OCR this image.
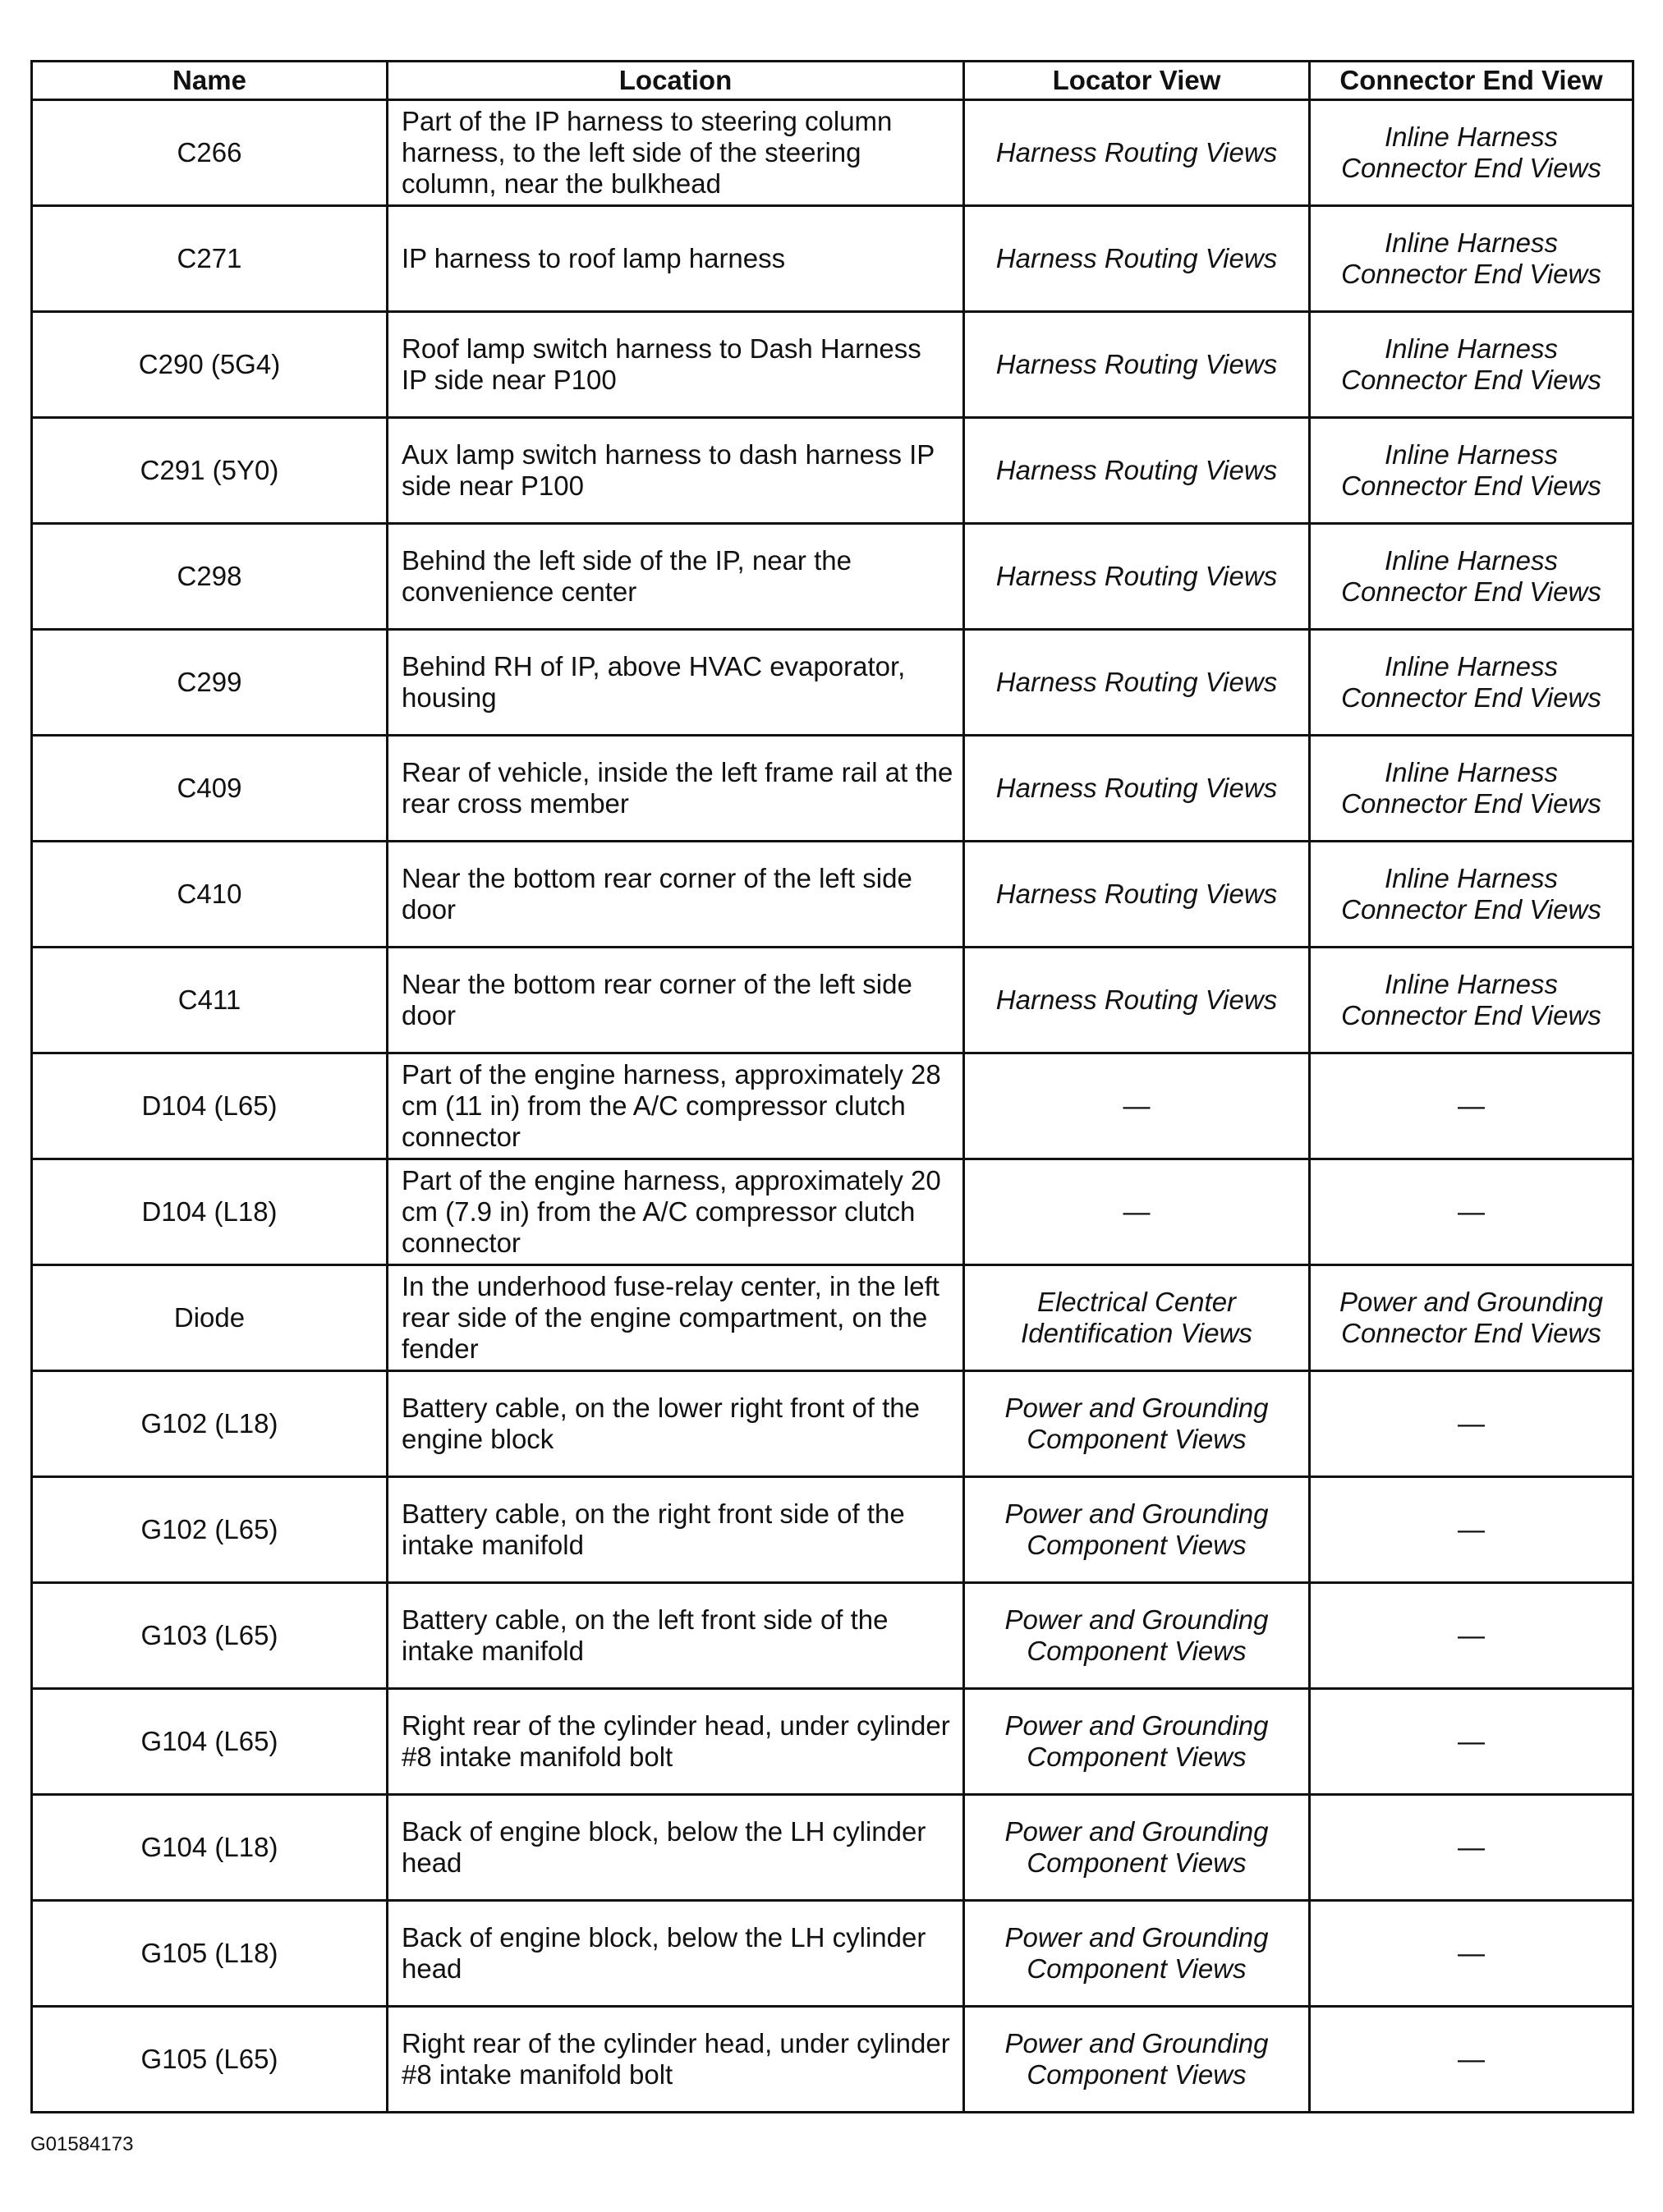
Name	Location	Locator View	Connector End View
C266	Part of the IP harness to steering column harness, to the left side of the steering column, near the bulkhead	Harness Routing Views	Inline Harness Connector End Views
C271	IP harness to roof lamp harness	Harness Routing Views	Inline Harness Connector End Views
C290 (5G4)	Roof lamp switch harness to Dash Harness IP side near P100	Harness Routing Views	Inline Harness Connector End Views
C291 (5Y0)	Aux lamp switch harness to dash harness IP side near P100	Harness Routing Views	Inline Harness Connector End Views
C298	Behind the left side of the IP, near the convenience center	Harness Routing Views	Inline Harness Connector End Views
C299	Behind RH of IP, above HVAC evaporator, housing	Harness Routing Views	Inline Harness Connector End Views
C409	Rear of vehicle, inside the left frame rail at the rear cross member	Harness Routing Views	Inline Harness Connector End Views
C410	Near the bottom rear corner of the left side door	Harness Routing Views	Inline Harness Connector End Views
C411	Near the bottom rear corner of the left side door	Harness Routing Views	Inline Harness Connector End Views
D104 (L65)	Part of the engine harness, approximately 28 cm (11 in) from the A/C compressor clutch connector	—	—
D104 (L18)	Part of the engine harness, approximately 20 cm (7.9 in) from the A/C compressor clutch connector	—	—
Diode	In the underhood fuse-relay center, in the left rear side of the engine compartment, on the fender	Electrical Center Identification Views	Power and Grounding Connector End Views
G102 (L18)	Battery cable, on the lower right front of the engine block	Power and Grounding Component Views	—
G102 (L65)	Battery cable, on the right front side of the intake manifold	Power and Grounding Component Views	—
G103 (L65)	Battery cable, on the left front side of the intake manifold	Power and Grounding Component Views	—
G104 (L65)	Right rear of the cylinder head, under cylinder #8 intake manifold bolt	Power and Grounding Component Views	—
G104 (L18)	Back of engine block, below the LH cylinder head	Power and Grounding Component Views	—
G105 (L18)	Back of engine block, below the LH cylinder head	Power and Grounding Component Views	—
G105 (L65)	Right rear of the cylinder head, under cylinder #8 intake manifold bolt	Power and Grounding Component Views	—
G01584173
